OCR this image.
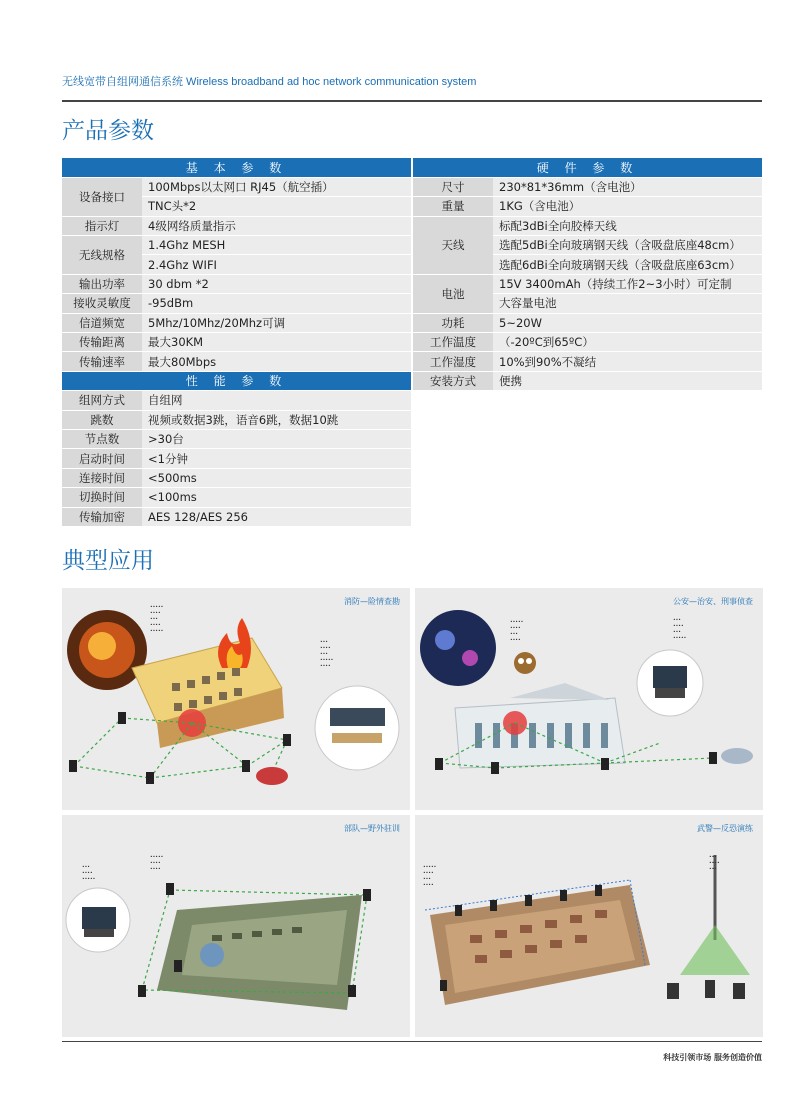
无线宽带自组网通信系统 Wireless broadband ad hoc network communication system
产品参数
基 本 参 数	
设备接口	100Mbps以太网口 RJ45（航空插）
	TNC头*2
指示灯	4级网络质量指示
无线规格	1.4Ghz MESH
	2.4Ghz WIFI
输出功率	30 dbm *2
接收灵敏度	-95dBm
信道频宽	5Mhz/10Mhz/20Mhz可调
传输距离	最大30KM
传输速率	最大80Mbps
性 能 参 数	
组网方式	自组网
跳数	视频或数据3跳，语音6跳，数据10跳
节点数	>30台
启动时间	<1分钟
连接时间	<500ms
切换时间	<100ms
传输加密	AES 128/AES 256
硬 件 参 数	
尺寸	230*81*36mm（含电池）
重量	1KG（含电池）
天线	标配3dBi全向胶棒天线
	选配5dBi全向玻璃钢天线（含吸盘底座48cm）
	选配6dBi全向玻璃钢天线（含吸盘底座63cm）
电池	15V 3400mAh（持续工作2~3小时）可定制
	大容量电池
功耗	5~20W
工作温度	（-20ºC到65ºC）
工作湿度	10%到90%不凝结
安装方式	便携
典型应用
消防—险情查勘
•••••
••••
•••
••••
•••••
•••
••••
•••
•••••
••••
公安—治安、刑事侦查
•••••
••••
•••
••••
•••
••••
•••
•••••
部队—野外驻训
•••
••••
•••••
•••••
••••
••••
武警—反恐演练
•••••
••••
•••
••••
•••
••••
•••
科技引领市场 服务创造价值
